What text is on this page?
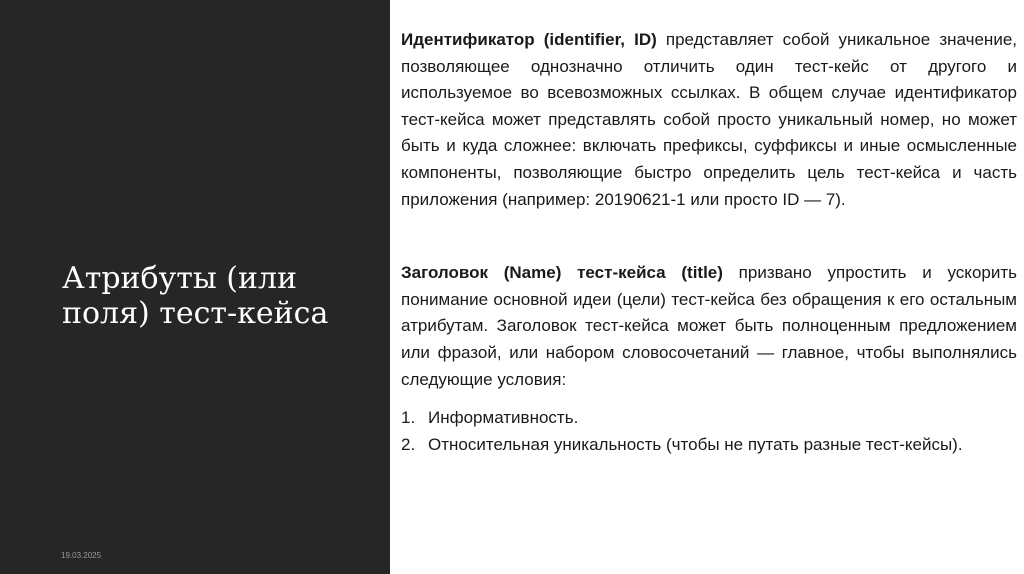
Атрибуты (или поля) тест-кейса
19.03.2025

Идентификатор (identifier, ID) представляет собой уникальное значение, позволяющее однозначно отличить один тест-кейс от другого и используемое во всевозможных ссылках. В общем случае идентификатор тест-кейса может представлять собой просто уникальный номер, но может быть и куда сложнее: включать префиксы, суффиксы и иные осмысленные компоненты, позволяющие быстро определить цель тест-кейса и часть приложения (например: 20190621-1 или просто ID — 7).

Заголовок (Name) тест-кейса (title) призвано упростить и ускорить понимание основной идеи (цели) тест-кейса без обращения к его остальным атрибутам. Заголовок тест-кейса может быть полноценным предложением или фразой, или набором словосочетаний — главное, чтобы выполнялись следующие условия:

1. Информативность.
2. Относительная уникальность (чтобы не путать разные тест-кейсы).
